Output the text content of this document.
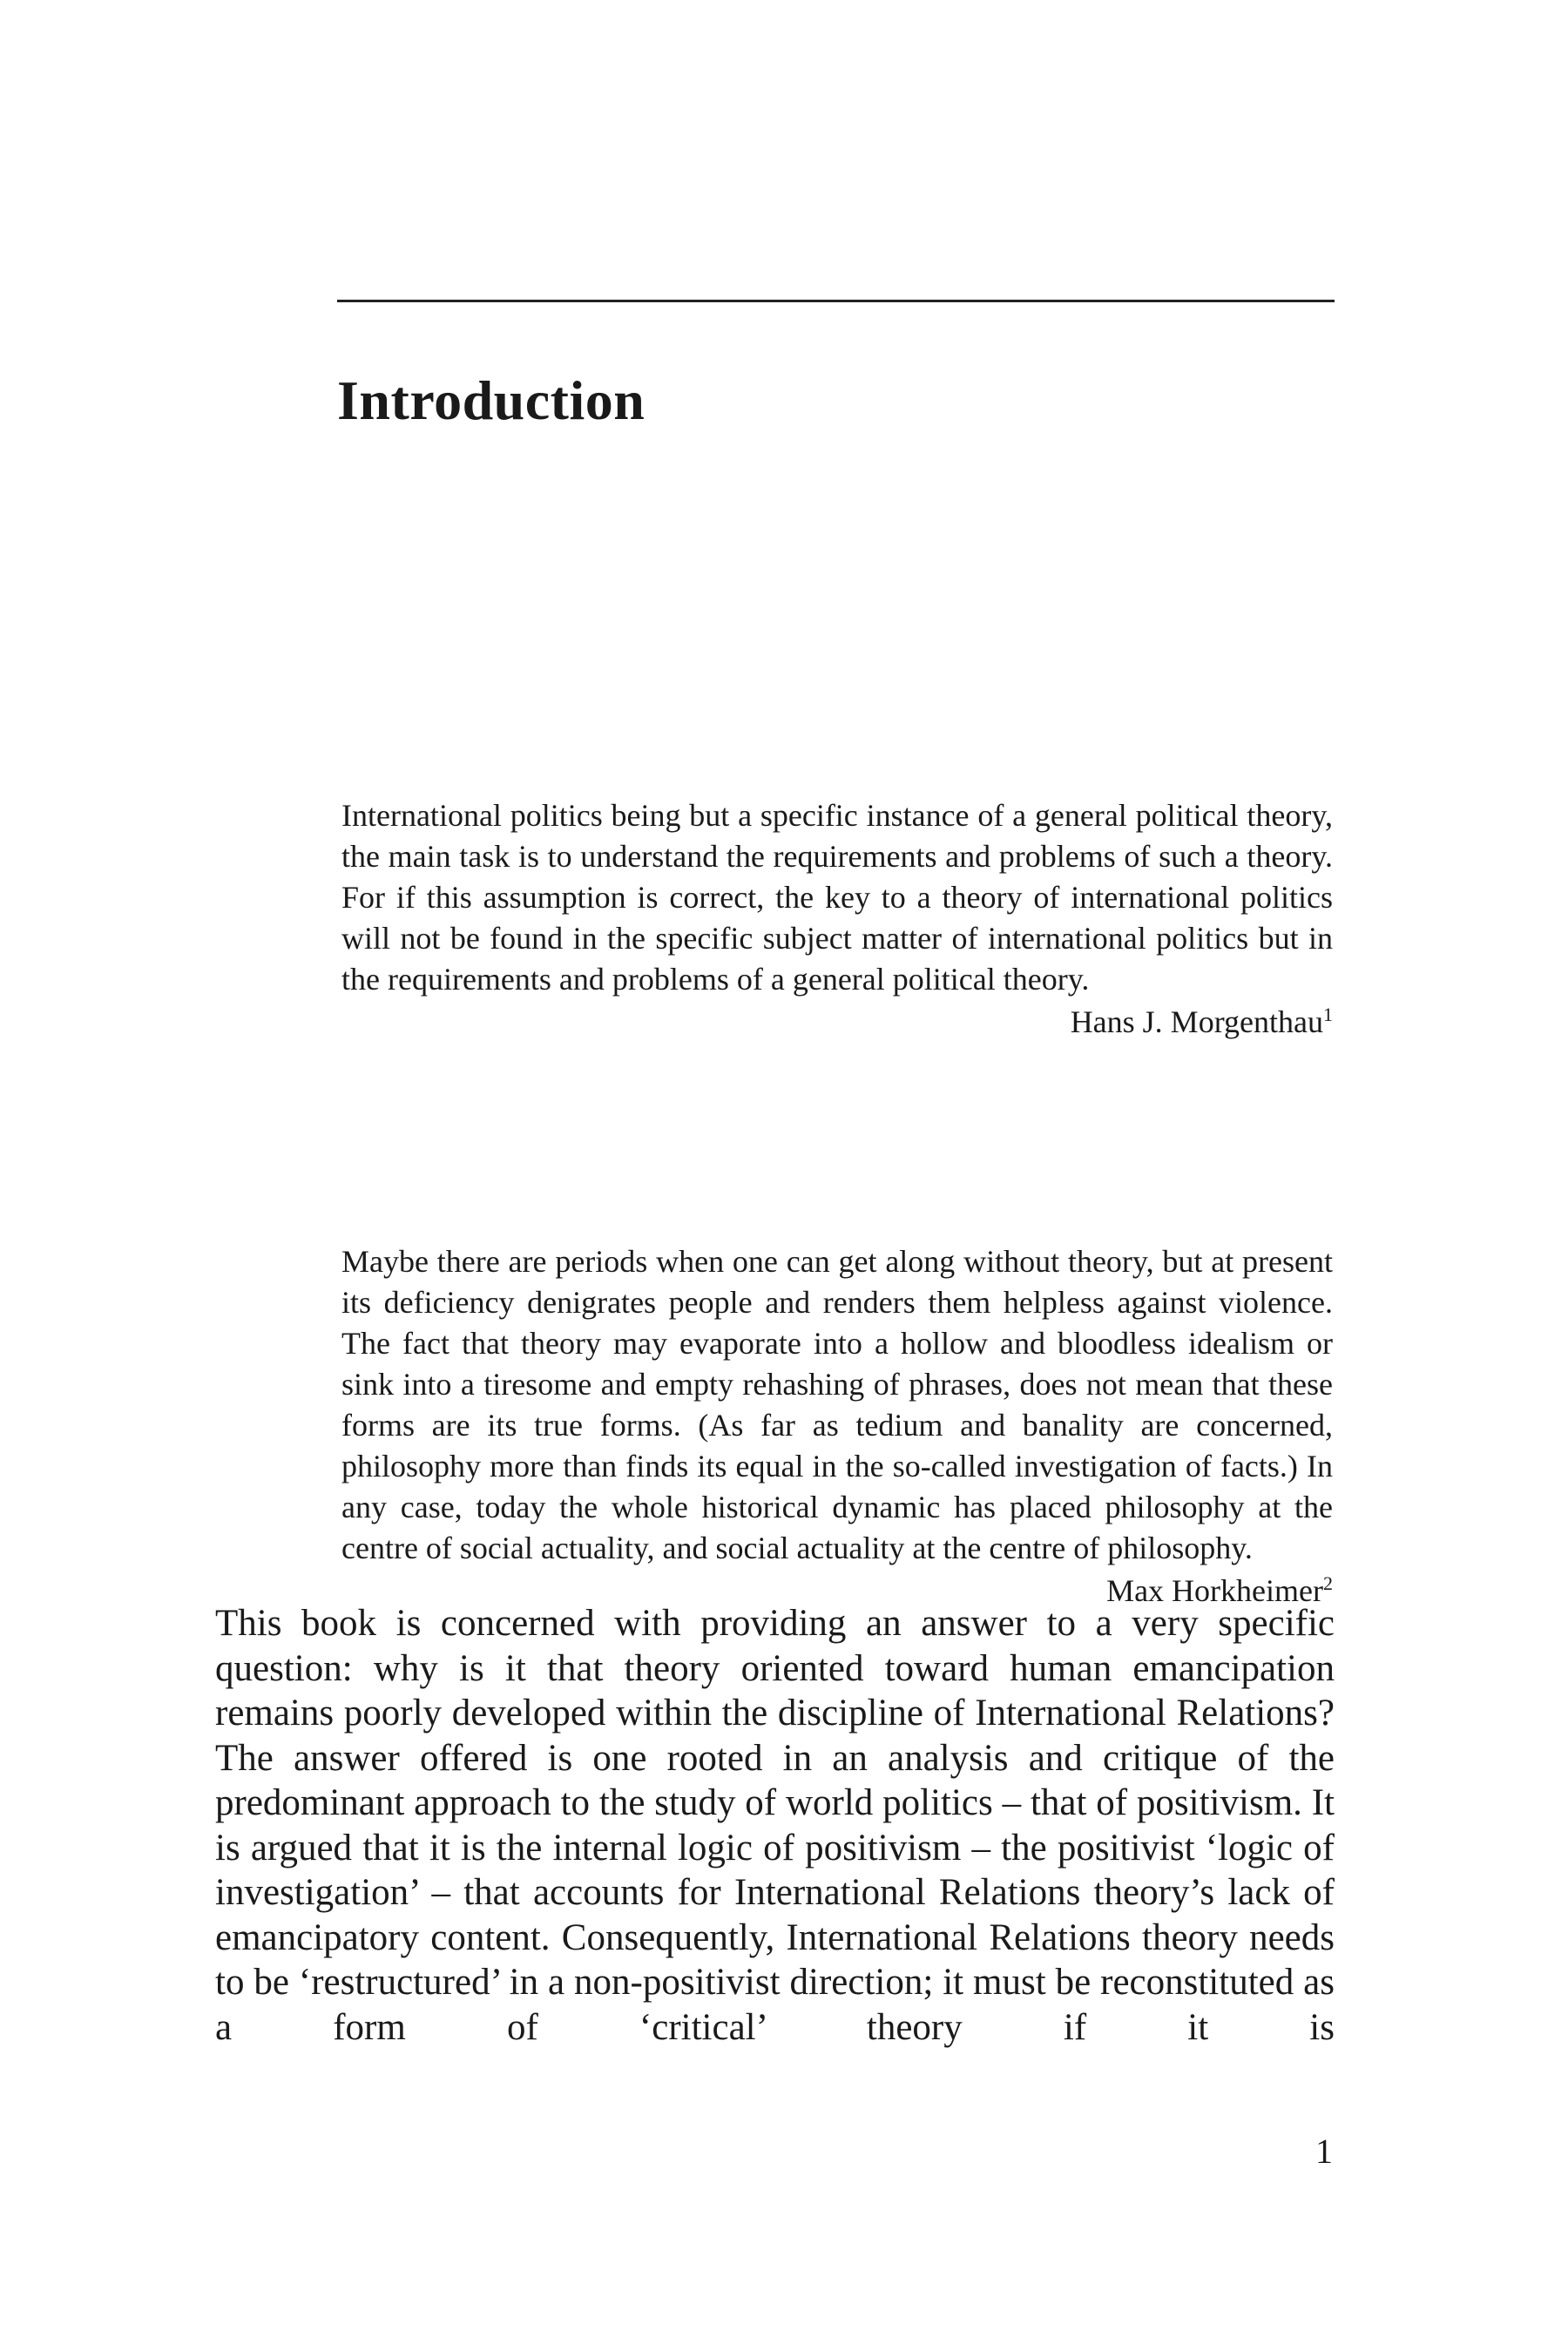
Introduction

International politics being but a specific instance of a general political theory, the main task is to understand the requirements and problems of such a theory. For if this assumption is correct, the key to a theory of international politics will not be found in the specific subject matter of international politics but in the requirements and problems of a general political theory.

Hans J. Morgenthau$^1$

Maybe there are periods when one can get along without theory, but at present its deficiency denigrates people and renders them helpless against violence. The fact that theory may evaporate into a hollow and bloodless idealism or sink into a tiresome and empty rehashing of phrases, does not mean that these forms are its true forms. (As far as tedium and banality are concerned, philosophy more than finds its equal in the so-called investigation of facts.) In any case, today the whole historical dynamic has placed philosophy at the centre of social actuality, and social actuality at the centre of philosophy.

Max Horkheimer$^2$

This book is concerned with providing an answer to a very specific question: why is it that theory oriented toward human emancipation remains poorly developed within the discipline of International Relations? The answer offered is one rooted in an analysis and critique of the predominant approach to the study of world politics – that of positivism. It is argued that it is the internal logic of positivism – the positivist ‘logic of investigation’ – that accounts for International Relations theory’s lack of emancipatory content. Consequently, International Relations theory needs to be ‘restructured’ in a non-positivist direction; it must be reconstituted as a form of ‘critical’ theory if it is

1
